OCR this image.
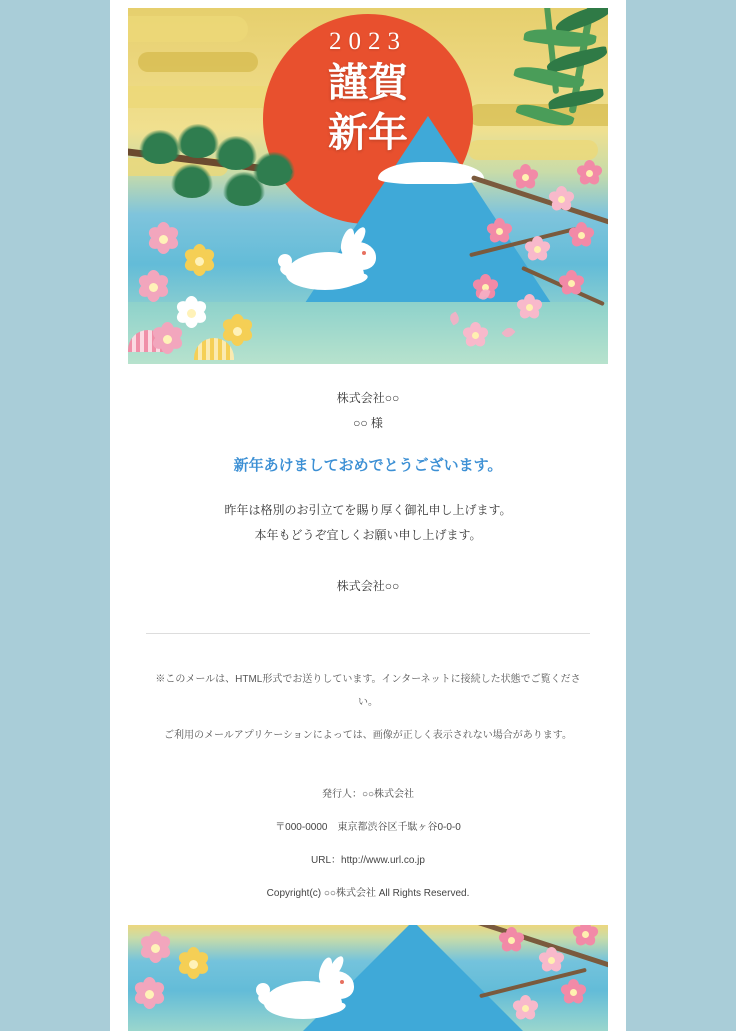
2023
謹賀
新年

株式会社○○

○○ 様

新年あけましておめでとうございます。

昨年は格別のお引立てを賜り厚く御礼申し上げます。

本年もどうぞ宜しくお願い申し上げます。

株式会社○○

※このメールは、HTML形式でお送りしています。インターネットに接続した状態でご覧ください。

ご利用のメールアプリケーションによっては、画像が正しく表示されない場合があります。

発行人：○○株式会社

〒000-0000　東京都渋谷区千駄ヶ谷0-0-0

URL：http://www.url.co.jp

Copyright(c) ○○株式会社 All Rights Reserved.
